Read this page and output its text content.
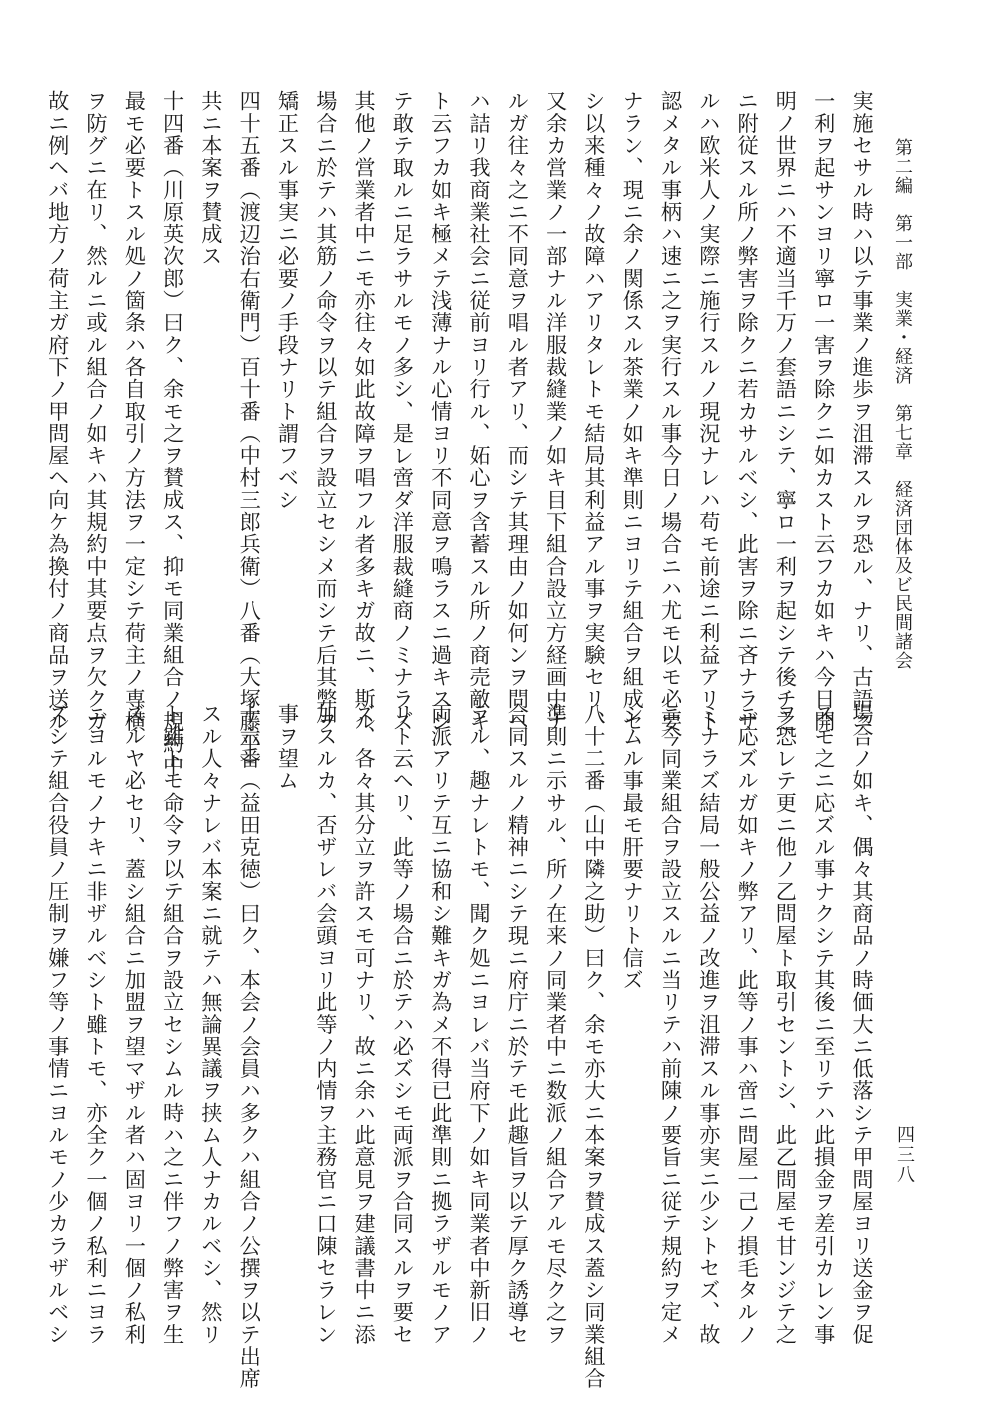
第二編　第一部　実業・経済　第七章　経済団体及ビ民間諸会
四三八
実施セサル時ハ以テ事業ノ進歩ヲ沮滞スルヲ恐ル、ナリ、古語ニ
一利ヲ起サンヨリ寧ロ一害ヲ除クニ如カスト云フカ如キハ今日開
明ノ世界ニハ不適当千万ノ套語ニシテ、寧ロ一利ヲ起シテ後チ之
ニ附従スル所ノ弊害ヲ除クニ若カサルベシ、此害ヲ除ニ吝ナラザ
ルハ欧米人ノ実際ニ施行スルノ現況ナレハ苟モ前途ニ利益アリト
認メタル事柄ハ速ニ之ヲ実行スル事今日ノ場合ニハ尤モ以モ必要
ナラン、現ニ余ノ関係スル茶業ノ如キ準則ニヨリテ組合ヲ組成セ
シ以来種々ノ故障ハアリタレトモ結局其利益アル事ヲ実験セリ、
又余カ営業ノ一部ナル洋服裁縫業ノ如キ目下組合設立方経画中ナ
ルガ往々之ニ不同意ヲ唱ル者アリ、而シテ其理由ノ如何ンヲ問ヘ
ハ詰リ我商業社会ニ従前ヨリ行ル、妬心ヲ含蓄スル所ノ商売敵キ
ト云フカ如キ極メテ浅薄ナル心情ヨリ不同意ヲ鳴ラスニ過キスシ
テ敢テ取ルニ足ラサルモノ多シ、是レ啻ダ洋服裁縫商ノミナラズ
其他ノ営業者中ニモ亦往々如此故障ヲ唱フル者多キガ故ニ、斯ル
場合ニ於テハ其筋ノ命令ヲ以テ組合ヲ設立セシメ而シテ后其弊ヲ
矯正スル事実ニ必要ノ手段ナリト謂フベシ
四十五番（渡辺治右衛門）百十番（中村三郎兵衛）八番（大塚藤平）
共ニ本案ヲ賛成ス
十四番（川原英次郎）曰ク、余モ之ヲ賛成ス、抑モ同業組合ノ規約中
最モ必要トスル処ノ箇条ハ各自取引ノ方法ヲ一定シテ荷主ノ専横
ヲ防グニ在リ、然ルニ或ル組合ノ如キハ其規約中其要点ヲ欠クガ
故ニ例ヘバ地方ノ荷主ガ府下ノ甲問屋ヘ向ケ為換付ノ商品ヲ送ル
場合ノ如キ、偶々其商品ノ時価大ニ低落シテ甲問屋ヨリ送金ヲ促
スモ之ニ応ズル事ナクシテ其後ニ至リテハ此損金ヲ差引カレン事
ヲ恐レテ更ニ他ノ乙問屋ト取引セントシ、此乙問屋モ甘ンジテ之
ニ応ズルガ如キノ弊アリ、此等ノ事ハ啻ニ問屋一己ノ損毛タルノ
ミナラズ結局一般公益ノ改進ヲ沮滞スル事亦実ニ少シトセズ、故
ニ今同業組合ヲ設立スルニ当リテハ前陳ノ要旨ニ従テ規約ヲ定メ
シムル事最モ肝要ナリト信ズ
八十二番（山中隣之助）曰ク、余モ亦大ニ本案ヲ賛成ス蓋シ同業組合
準則ニ示サル、所ノ在来ノ同業者中ニ数派ノ組合アルモ尽ク之ヲ
合同スルノ精神ニシテ現ニ府庁ニ於テモ此趣旨ヲ以テ厚ク誘導セ
ラル、趣ナレトモ、聞ク処ニヨレバ当府下ノ如キ同業者中新旧ノ
両派アリテ互ニ協和シ難キガ為メ不得已此準則ニ拠ラザルモノア
リト云ヘリ、此等ノ場合ニ於テハ必ズシモ両派ヲ合同スルヲ要セ
ズ、各々其分立ヲ許スモ可ナリ、故ニ余ハ此意見ヲ建議書中ニ添
加スルカ、否ザレバ会頭ヨリ此等ノ内情ヲ主務官ニ口陳セラレン
事ヲ望ム
十六番（益田克徳）曰ク、本会ノ会員ハ多クハ組合ノ公撰ヲ以テ出席
スル人々ナレバ本案ニ就テハ無論異議ヲ挟ム人ナカルベシ、然リ
ト雖トモ命令ヲ以テ組合ヲ設立セシムル時ハ之ニ伴フノ弊害ヲ生
ズルヤ必セリ、蓋シ組合ニ加盟ヲ望マザル者ハ固ヨリ一個ノ私利
ニヨルモノナキニ非ザルベシト雖トモ、亦全ク一個ノ私利ニヨラ
ズシテ組合役員ノ圧制ヲ嫌フ等ノ事情ニヨルモノ少カラザルベシ
